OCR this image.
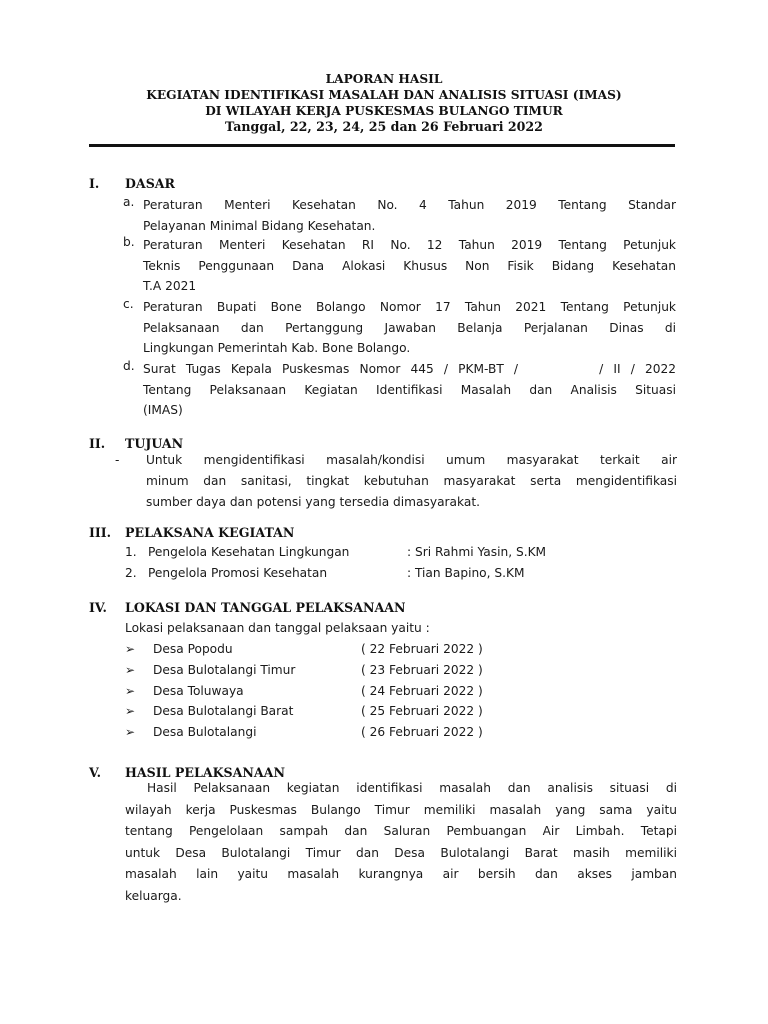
LAPORAN HASIL
KEGIATAN IDENTIFIKASI MASALAH DAN ANALISIS SITUASI (IMAS)
DI WILAYAH KERJA PUSKESMAS BULANGO TIMUR
Tanggal, 22, 23, 24, 25 dan 26 Februari 2022
I. DASAR
a. Peraturan Menteri Kesehatan No. 4 Tahun 2019 Tentang Standar
Pelayanan Minimal Bidang Kesehatan.
b. Peraturan Menteri Kesehatan RI No. 12 Tahun 2019 Tentang Petunjuk
Teknis Penggunaan Dana Alokasi Khusus Non Fisik Bidang Kesehatan
T.A 2021
c. Peraturan Bupati Bone Bolango Nomor 17 Tahun 2021 Tentang Petunjuk
Pelaksanaan dan Pertanggung Jawaban Belanja Perjalanan Dinas di
Lingkungan Pemerintah Kab. Bone Bolango.
d. Surat Tugas Kepala Puskesmas Nomor 445 / PKM-BT /        / II / 2022
Tentang Pelaksanaan Kegiatan Identifikasi Masalah dan Analisis Situasi
(IMAS)
II. TUJUAN
- Untuk mengidentifikasi masalah/kondisi umum masyarakat terkait air
minum dan sanitasi, tingkat kebutuhan masyarakat serta mengidentifikasi
sumber daya dan potensi yang tersedia dimasyarakat.
III. PELAKSANA KEGIATAN
1. Pengelola Kesehatan Lingkungan	: Sri Rahmi Yasin, S.KM
2. Pengelola Promosi Kesehatan	: Tian Bapino, S.KM
IV. LOKASI DAN TANGGAL PELAKSANAAN
Lokasi pelaksanaan dan tanggal pelaksaan yaitu :
➢ Desa Popodu	( 22 Februari 2022 )
➢ Desa Bulotalangi Timur	( 23 Februari 2022 )
➢ Desa Toluwaya	( 24 Februari 2022 )
➢ Desa Bulotalangi Barat	( 25 Februari 2022 )
➢ Desa Bulotalangi	( 26 Februari 2022 )
V. HASIL PELAKSANAAN
Hasil Pelaksanaan kegiatan identifikasi masalah dan analisis situasi di
wilayah kerja Puskesmas Bulango Timur memiliki masalah yang sama yaitu
tentang Pengelolaan sampah dan Saluran Pembuangan Air Limbah. Tetapi
untuk Desa Bulotalangi Timur dan Desa Bulotalangi Barat masih memiliki
masalah lain yaitu masalah kurangnya air bersih dan akses jamban
keluarga.
